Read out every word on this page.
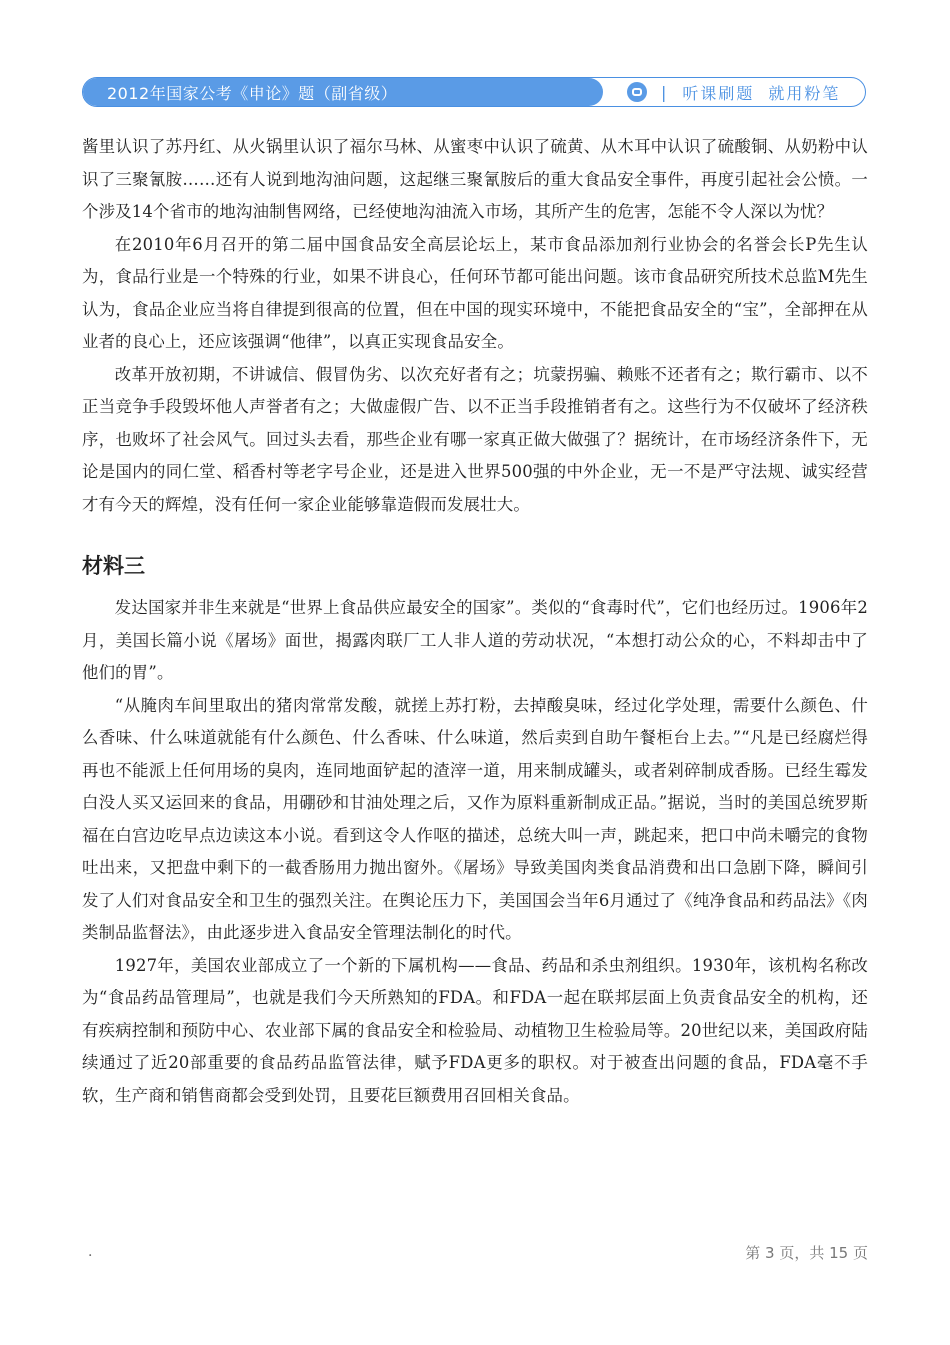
2012年国家公考《申论》题（副省级）	| 听课刷题 就用粉笔

酱里认识了苏丹红、从火锅里认识了福尔马林、从蜜枣中认识了硫黄、从木耳中认识了硫酸铜、从奶粉中认识了三聚氰胺……还有人说到地沟油问题，这起继三聚氰胺后的重大食品安全事件，再度引起社会公愤。一个涉及14个省市的地沟油制售网络，已经使地沟油流入市场，其所产生的危害，怎能不令人深以为忧？

在2010年6月召开的第二届中国食品安全高层论坛上，某市食品添加剂行业协会的名誉会长P先生认为，食品行业是一个特殊的行业，如果不讲良心，任何环节都可能出问题。该市食品研究所技术总监M先生认为，食品企业应当将自律提到很高的位置，但在中国的现实环境中，不能把食品安全的“宝”，全部押在从业者的良心上，还应该强调“他律”，以真正实现食品安全。

改革开放初期，不讲诚信、假冒伪劣、以次充好者有之；坑蒙拐骗、赖账不还者有之；欺行霸市、以不正当竞争手段毁坏他人声誉者有之；大做虚假广告、以不正当手段推销者有之。这些行为不仅破坏了经济秩序，也败坏了社会风气。回过头去看，那些企业有哪一家真正做大做强了？据统计，在市场经济条件下，无论是国内的同仁堂、稻香村等老字号企业，还是进入世界500强的中外企业，无一不是严守法规、诚实经营才有今天的辉煌，没有任何一家企业能够靠造假而发展壮大。

材料三

发达国家并非生来就是“世界上食品供应最安全的国家”。类似的“食毒时代”，它们也经历过。1906年2月，美国长篇小说《屠场》面世，揭露肉联厂工人非人道的劳动状况，“本想打动公众的心，不料却击中了他们的胃”。

“从腌肉车间里取出的猪肉常常发酸，就搓上苏打粉，去掉酸臭味，经过化学处理，需要什么颜色、什么香味、什么味道就能有什么颜色、什么香味、什么味道，然后卖到自助午餐柜台上去。”“凡是已经腐烂得再也不能派上任何用场的臭肉，连同地面铲起的渣滓一道，用来制成罐头，或者剁碎制成香肠。已经生霉发白没人买又运回来的食品，用硼砂和甘油处理之后，又作为原料重新制成正品。”据说，当时的美国总统罗斯福在白宫边吃早点边读这本小说。看到这令人作呕的描述，总统大叫一声，跳起来，把口中尚未嚼完的食物吐出来，又把盘中剩下的一截香肠用力抛出窗外。《屠场》导致美国肉类食品消费和出口急剧下降，瞬间引发了人们对食品安全和卫生的强烈关注。在舆论压力下，美国国会当年6月通过了《纯净食品和药品法》《肉类制品监督法》，由此逐步进入食品安全管理法制化的时代。

1927年，美国农业部成立了一个新的下属机构——食品、药品和杀虫剂组织。1930年，该机构名称改为“食品药品管理局”，也就是我们今天所熟知的FDA。和FDA一起在联邦层面上负责食品安全的机构，还有疾病控制和预防中心、农业部下属的食品安全和检验局、动植物卫生检验局等。20世纪以来，美国政府陆续通过了近20部重要的食品药品监管法律，赋予FDA更多的职权。对于被查出问题的食品，FDA毫不手软，生产商和销售商都会受到处罚，且要花巨额费用召回相关食品。

·	第 3 页，共 15 页
